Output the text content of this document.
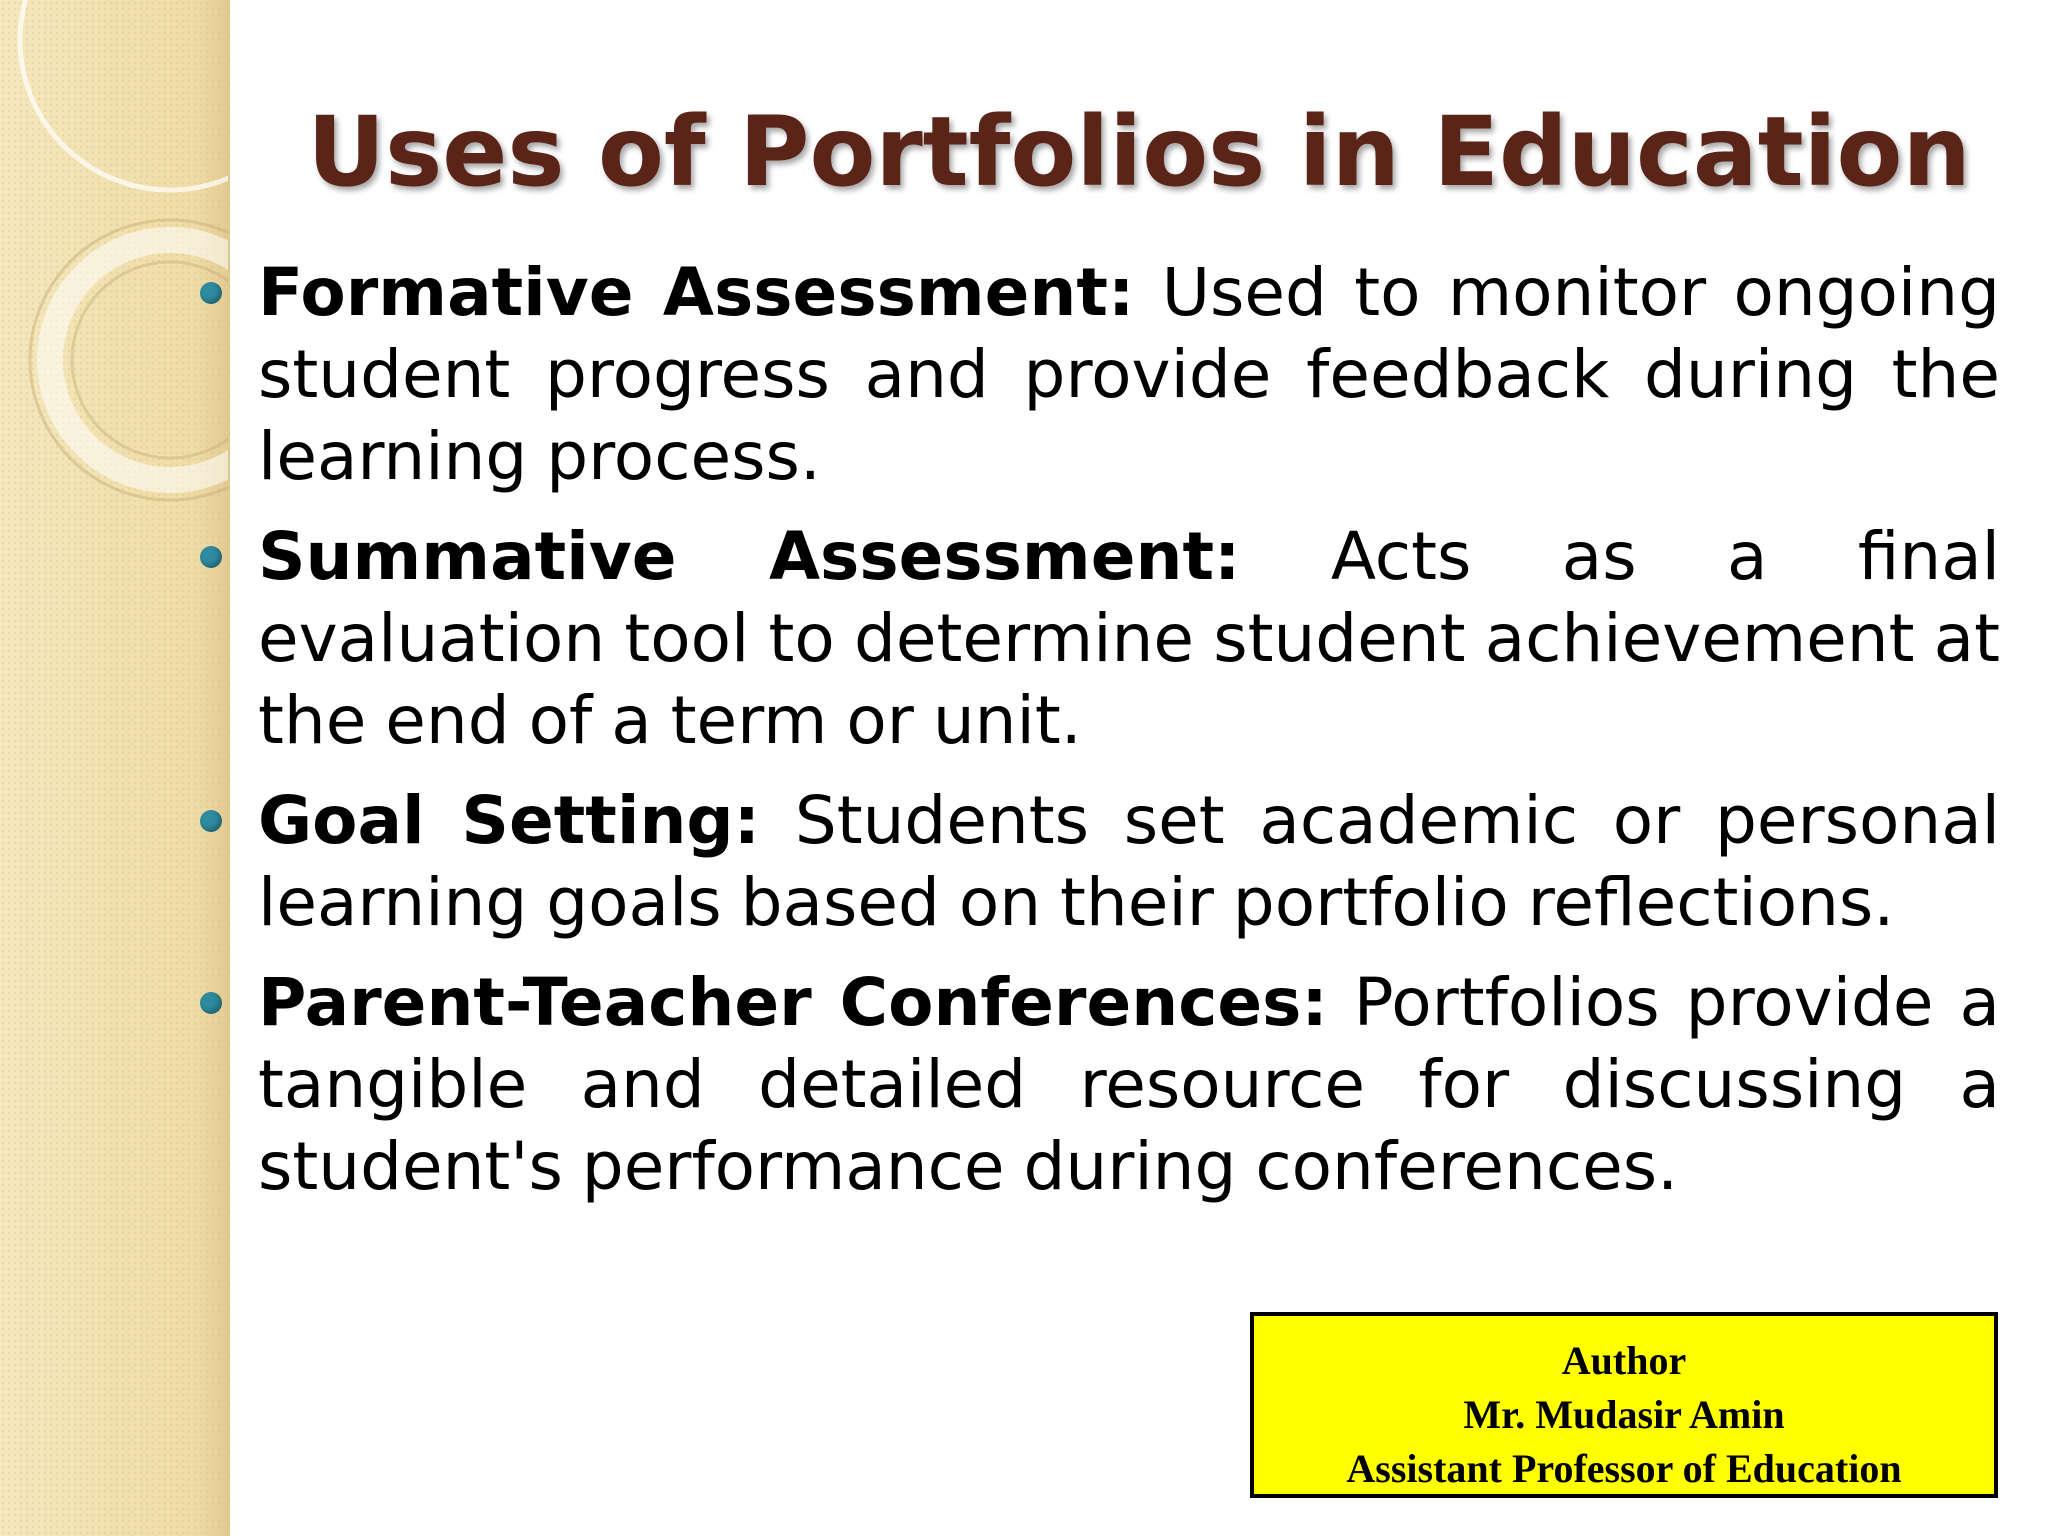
Uses of Portfolios in Education
Formative Assessment: Used to monitor ongoing student progress and provide feedback during the learning process.
Summative Assessment: Acts as a final evaluation tool to determine student achievement at the end of a term or unit.
Goal Setting: Students set academic or personal learning goals based on their portfolio reflections.
Parent-Teacher Conferences: Portfolios provide a tangible and detailed resource for discussing a student's performance during conferences.
Author
Mr. Mudasir Amin
Assistant Professor of Education
